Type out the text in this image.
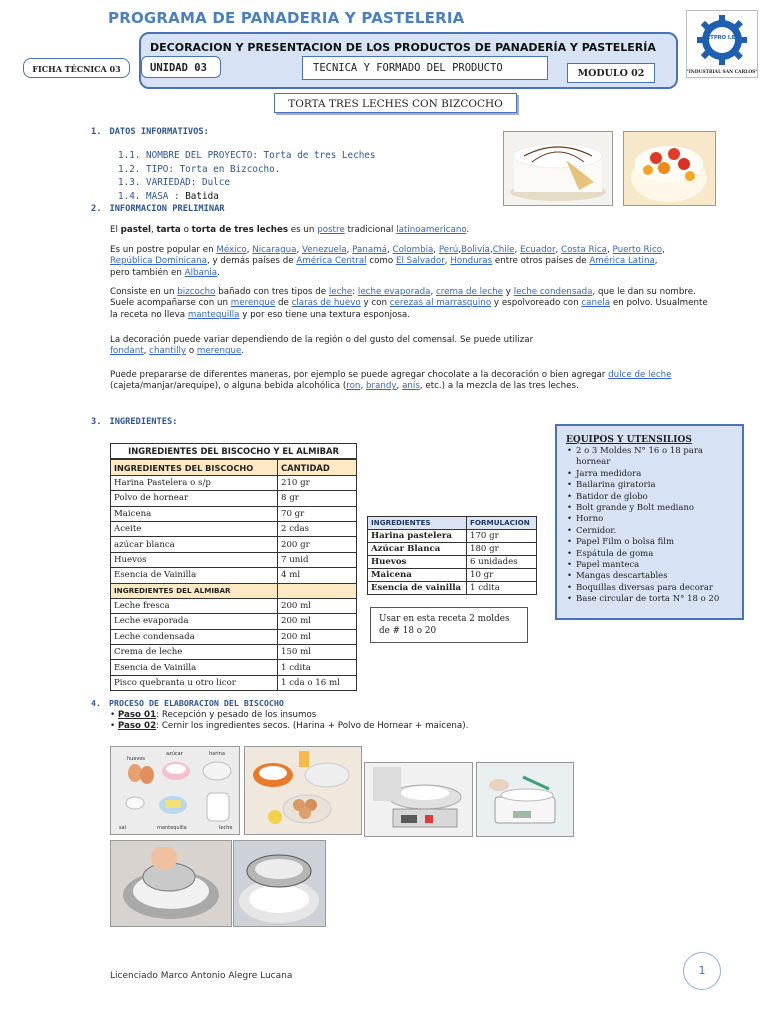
PROGRAMA DE PANADERIA Y PASTELERIA
DECORACION Y PRESENTACION DE LOS PRODUCTOS DE PANADERÍA Y PASTELERÍA
FICHA TÉCNICA 03	UNIDAD 03	TECNICA Y FORMADO DEL PRODUCTO	MODULO 02
CETPRO I.E.C
"INDUSTRIAL SAN CARLOS"
TORTA TRES LECHES CON BIZCOCHO
1. DATOS INFORMATIVOS:
1.1. NOMBRE DEL PROYECTO: Torta de tres Leches
1.2. TIPO: Torta en Bizcocho.
1.3. VARIEDAD: Dulce
1.4. MASA : Batida
2. INFORMACION PRELIMINAR
El pastel, tarta o torta de tres leches es un postre tradicional latinoamericano.
Es un postre popular en México, Nicaragua, Venezuela, Panamá, Colombia, Perú,Bolivia,Chile, Ecuador, Costa Rica, Puerto Rico, República Dominicana, y demás países de América Central como El Salvador, Honduras entre otros países de América Latina, pero también en Albania.
Consiste en un bizcocho bañado con tres tipos de leche: leche evaporada, crema de leche y leche condensada, que le dan su nombre. Suele acompañarse con un merengue de claras de huevo y con cerezas al marrasquino y espolvoreado con canela en polvo. Usualmente la receta no lleva mantequilla y por eso tiene una textura esponjosa.
La decoración puede variar dependiendo de la región o del gusto del comensal. Se puede utilizar fondant, chantilly o merengue.
Puede prepararse de diferentes maneras, por ejemplo se puede agregar chocolate a la decoración o bien agregar dulce de leche (cajeta/manjar/arequipe), o alguna bebida alcohólica (ron, brandy, anís, etc.) a la mezcla de las tres leches.
3. INGREDIENTES:
INGREDIENTES DEL BISCOCHO Y EL ALMIBAR	
INGREDIENTES DEL BISCOCHO	CANTIDAD
Harina Pastelera o s/p	210 gr
Polvo de hornear	8 gr
Maicena	70 gr
Aceite	2 cdas
azúcar blanca	200 gr
Huevos	7 unid
Esencia de Vainilla	4 ml
INGREDIENTES DEL ALMIBAR	
Leche fresca	200 ml
Leche evaporada	200 ml
Leche condensada	200 ml
Crema de leche	150 ml
Esencia de Vainilla	1 cdita
Pisco quebranta u otro licor	1 cda o 16 ml
INGREDIENTES	FORMULACION
Harina pastelera	170 gr
Azúcar Blanca	180 gr
Huevos	6 unidades
Maicena	10 gr
Esencia de vainilla	1 cdita
Usar en esta receta 2 moldes de # 18 o 20
EQUIPOS Y UTENSILIOS
• 2 o 3 Moldes N° 16 o 18 para hornear
• Jarra medidora
• Bailarina giratoria
• Batidor de globo
• Bolt grande y Bolt mediano
• Horno
• Cernidor.
• Papel Film o bolsa film
• Espátula de goma
• Papel manteca
• Mangas descartables
• Boquillas diversas para decorar
• Base circular de torta N° 18 o 20
4. PROCESO DE ELABORACION DEL BISCOCHO
• Paso 01: Recepción y pesado de los insumos
• Paso 02: Cernir los ingredientes secos. (Harina + Polvo de Hornear + maicena).
huevos
azúcar	harina
sal	mantequilla	leche
Licenciado Marco Antonio Alegre Lucana	1
